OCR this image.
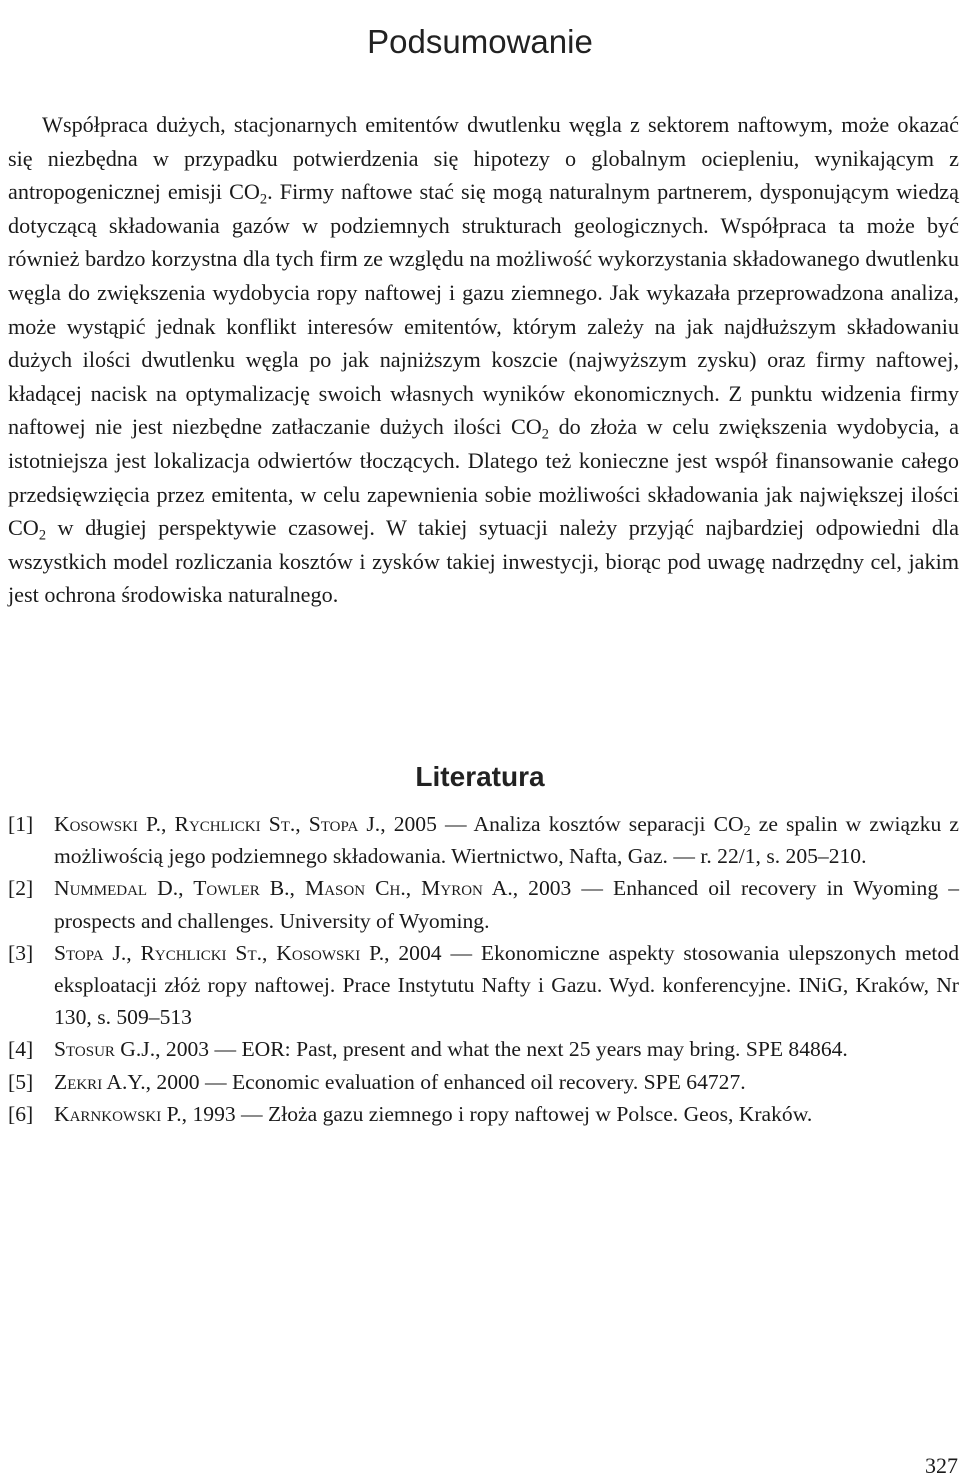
Podsumowanie

Współpraca dużych, stacjonarnych emitentów dwutlenku węgla z sektorem naftowym, może okazać się niezbędna w przypadku potwierdzenia się hipotezy o globalnym ociepleniu, wynikającym z antropogenicznej emisji $CO_2$. Firmy naftowe stać się mogą naturalnym partnerem, dysponującym wiedzą dotyczącą składowania gazów w podziemnych strukturach geologicznych. Współpraca ta może być również bardzo korzystna dla tych firm ze względu na możliwość wykorzystania składowanego dwutlenku węgla do zwiększenia wydobycia ropy naftowej i gazu ziemnego. Jak wykazała przeprowadzona analiza, może wystąpić jednak konflikt interesów emitentów, którym zależy na jak najdłuższym składowaniu dużych ilości dwutlenku węgla po jak najniższym koszcie (najwyższym zysku) oraz firmy naftowej, kładącej nacisk na optymalizację swoich własnych wyników ekonomicznych. Z punktu widzenia firmy naftowej nie jest niezbędne zatłaczanie dużych ilości $CO_2$ do złoża w celu zwiększenia wydobycia, a istotniejsza jest lokalizacja odwiertów tłoczących. Dlatego też konieczne jest współ finansowanie całego przedsięwzięcia przez emitenta, w celu zapewnienia sobie możliwości składowania jak największej ilości $CO_2$ w długiej perspektywie czasowej. W takiej sytuacji należy przyjąć najbardziej odpowiedni dla wszystkich model rozliczania kosztów i zysków takiej inwestycji, biorąc pod uwagę nadrzędny cel, jakim jest ochrona środowiska naturalnego.

Literatura
[1] Kosowski P., Rychlicki St., Stopa J., 2005 — Analiza kosztów separacji $CO_2$ ze spalin w związku z możliwością jego podziemnego składowania. Wiertnictwo, Nafta, Gaz. — r. 22/1, s. 205–210.
[2] Nummedal D., Towler B., Mason Ch., Myron A., 2003 — Enhanced oil recovery in Wyoming – prospects and challenges. University of Wyoming.
[3] Stopa J., Rychlicki St., Kosowski P., 2004 — Ekonomiczne aspekty stosowania ulepszonych metod eksploatacji złóż ropy naftowej. Prace Instytutu Nafty i Gazu. Wyd. konferencyjne. INiG, Kraków, Nr 130, s. 509–513
[4] Stosur G.J., 2003 — EOR: Past, present and what the next 25 years may bring. SPE 84864.
[5] Zekri A.Y., 2000 — Economic evaluation of enhanced oil recovery. SPE 64727.
[6] Karnkowski P., 1993 — Złoża gazu ziemnego i ropy naftowej w Polsce. Geos, Kraków.
327
